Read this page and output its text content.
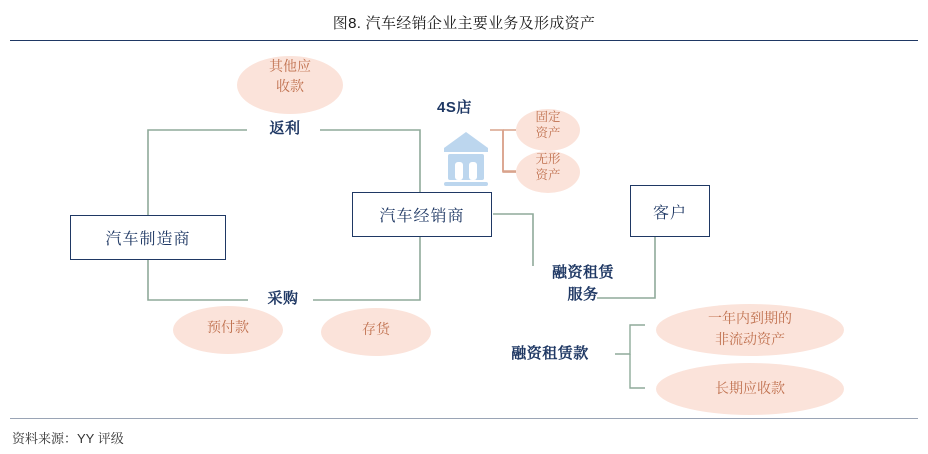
图8. 汽车经销企业主要业务及形成资产
资料来源：YY 评级
汽车制造商
汽车经销商	客户
4S店
返利
采购
融资租赁
服务
融资租赁款
其他应
收款
预付款	存货
固定
资产
无形
资产
一年内到期的
非流动资产
长期应收款
